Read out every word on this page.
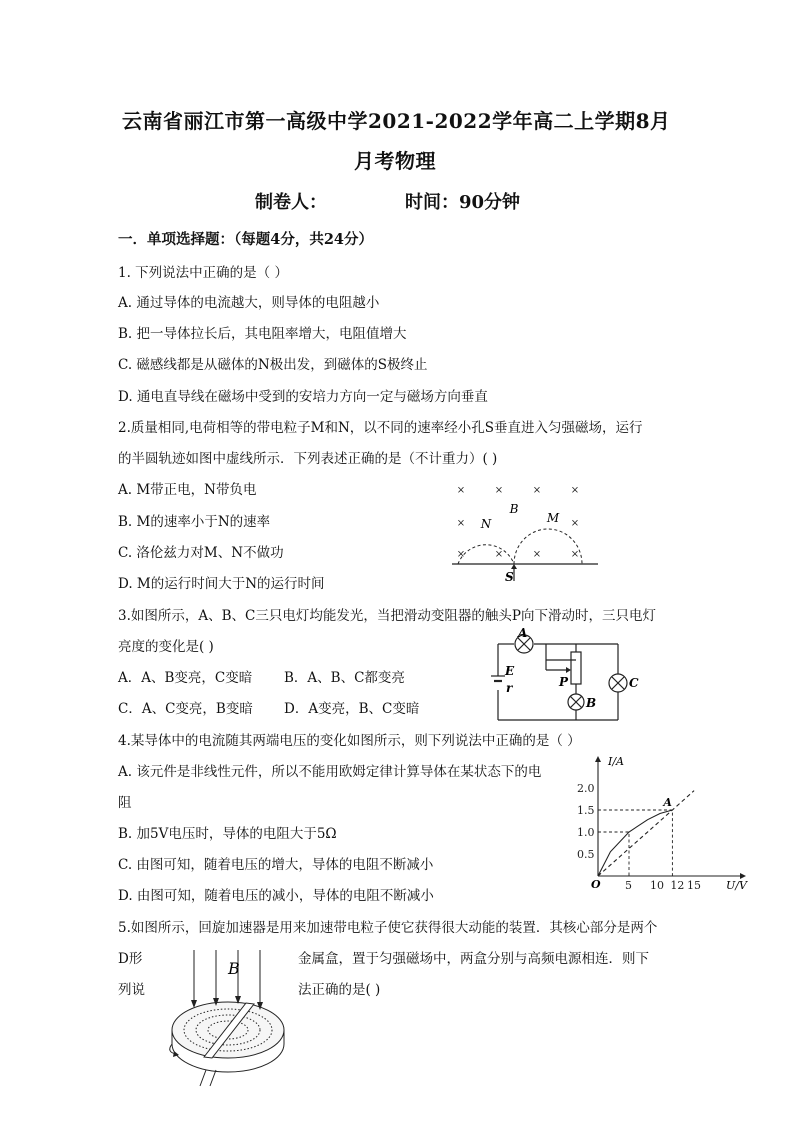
云南省丽江市第一高级中学2021-2022学年高二上学期8月
月考物理
制卷人：	时间：90分钟
一．单项选择题：（每题4分，共24分）
1. 下列说法中正确的是（ ）
A. 通过导体的电流越大，则导体的电阻越小
B. 把一导体拉长后，其电阻率增大，电阻值增大
C. 磁感线都是从磁体的N极出发，到磁体的S极终止
D. 通电直导线在磁场中受到的安培力方向一定与磁场方向垂直
2.质量相同,电荷相等的带电粒子M和N，以不同的速率经小孔S垂直进入匀强磁场，运行
的半圆轨迹如图中虚线所示．下列表述正确的是（不计重力）( )
A. M带正电，N带负电
B. M的速率小于N的速率
C. 洛伦兹力对M、N不做功
D. M的运行时间大于N的运行时间
×	×	×	×
×	×
×	×	×	×
B
N	M
S
3.如图所示，A、B、C三只电灯均能发光，当把滑动变阻器的触头P向下滑动时，三只电灯
亮度的变化是( )
A．A、B变亮，C变暗 B．A、B、C都变亮
C．A、C变亮，B变暗 D．A变亮，B、C变暗
A
B
C
E
r	P
4.某导体中的电流随其两端电压的变化如图所示，则下列说法中正确的是（ ）
A. 该元件是非线性元件，所以不能用欧姆定律计算导体在某状态下的电
阻
B. 加5V电压时，导体的电阻大于5Ω
C. 由图可知，随着电压的增大，导体的电阻不断减小
D. 由图可知，随着电压的减小，导体的电阻不断减小
5 10 12 15
0.5
1.0
1.5
2.0
I/A
U/V
O
A
5.如图所示，回旋加速器是用来加速带电粒子使它获得很大动能的装置．其核心部分是两个
D形	金属盒，置于匀强磁场中，两盒分别与高频电源相连．则下
列说	法正确的是( )
B
